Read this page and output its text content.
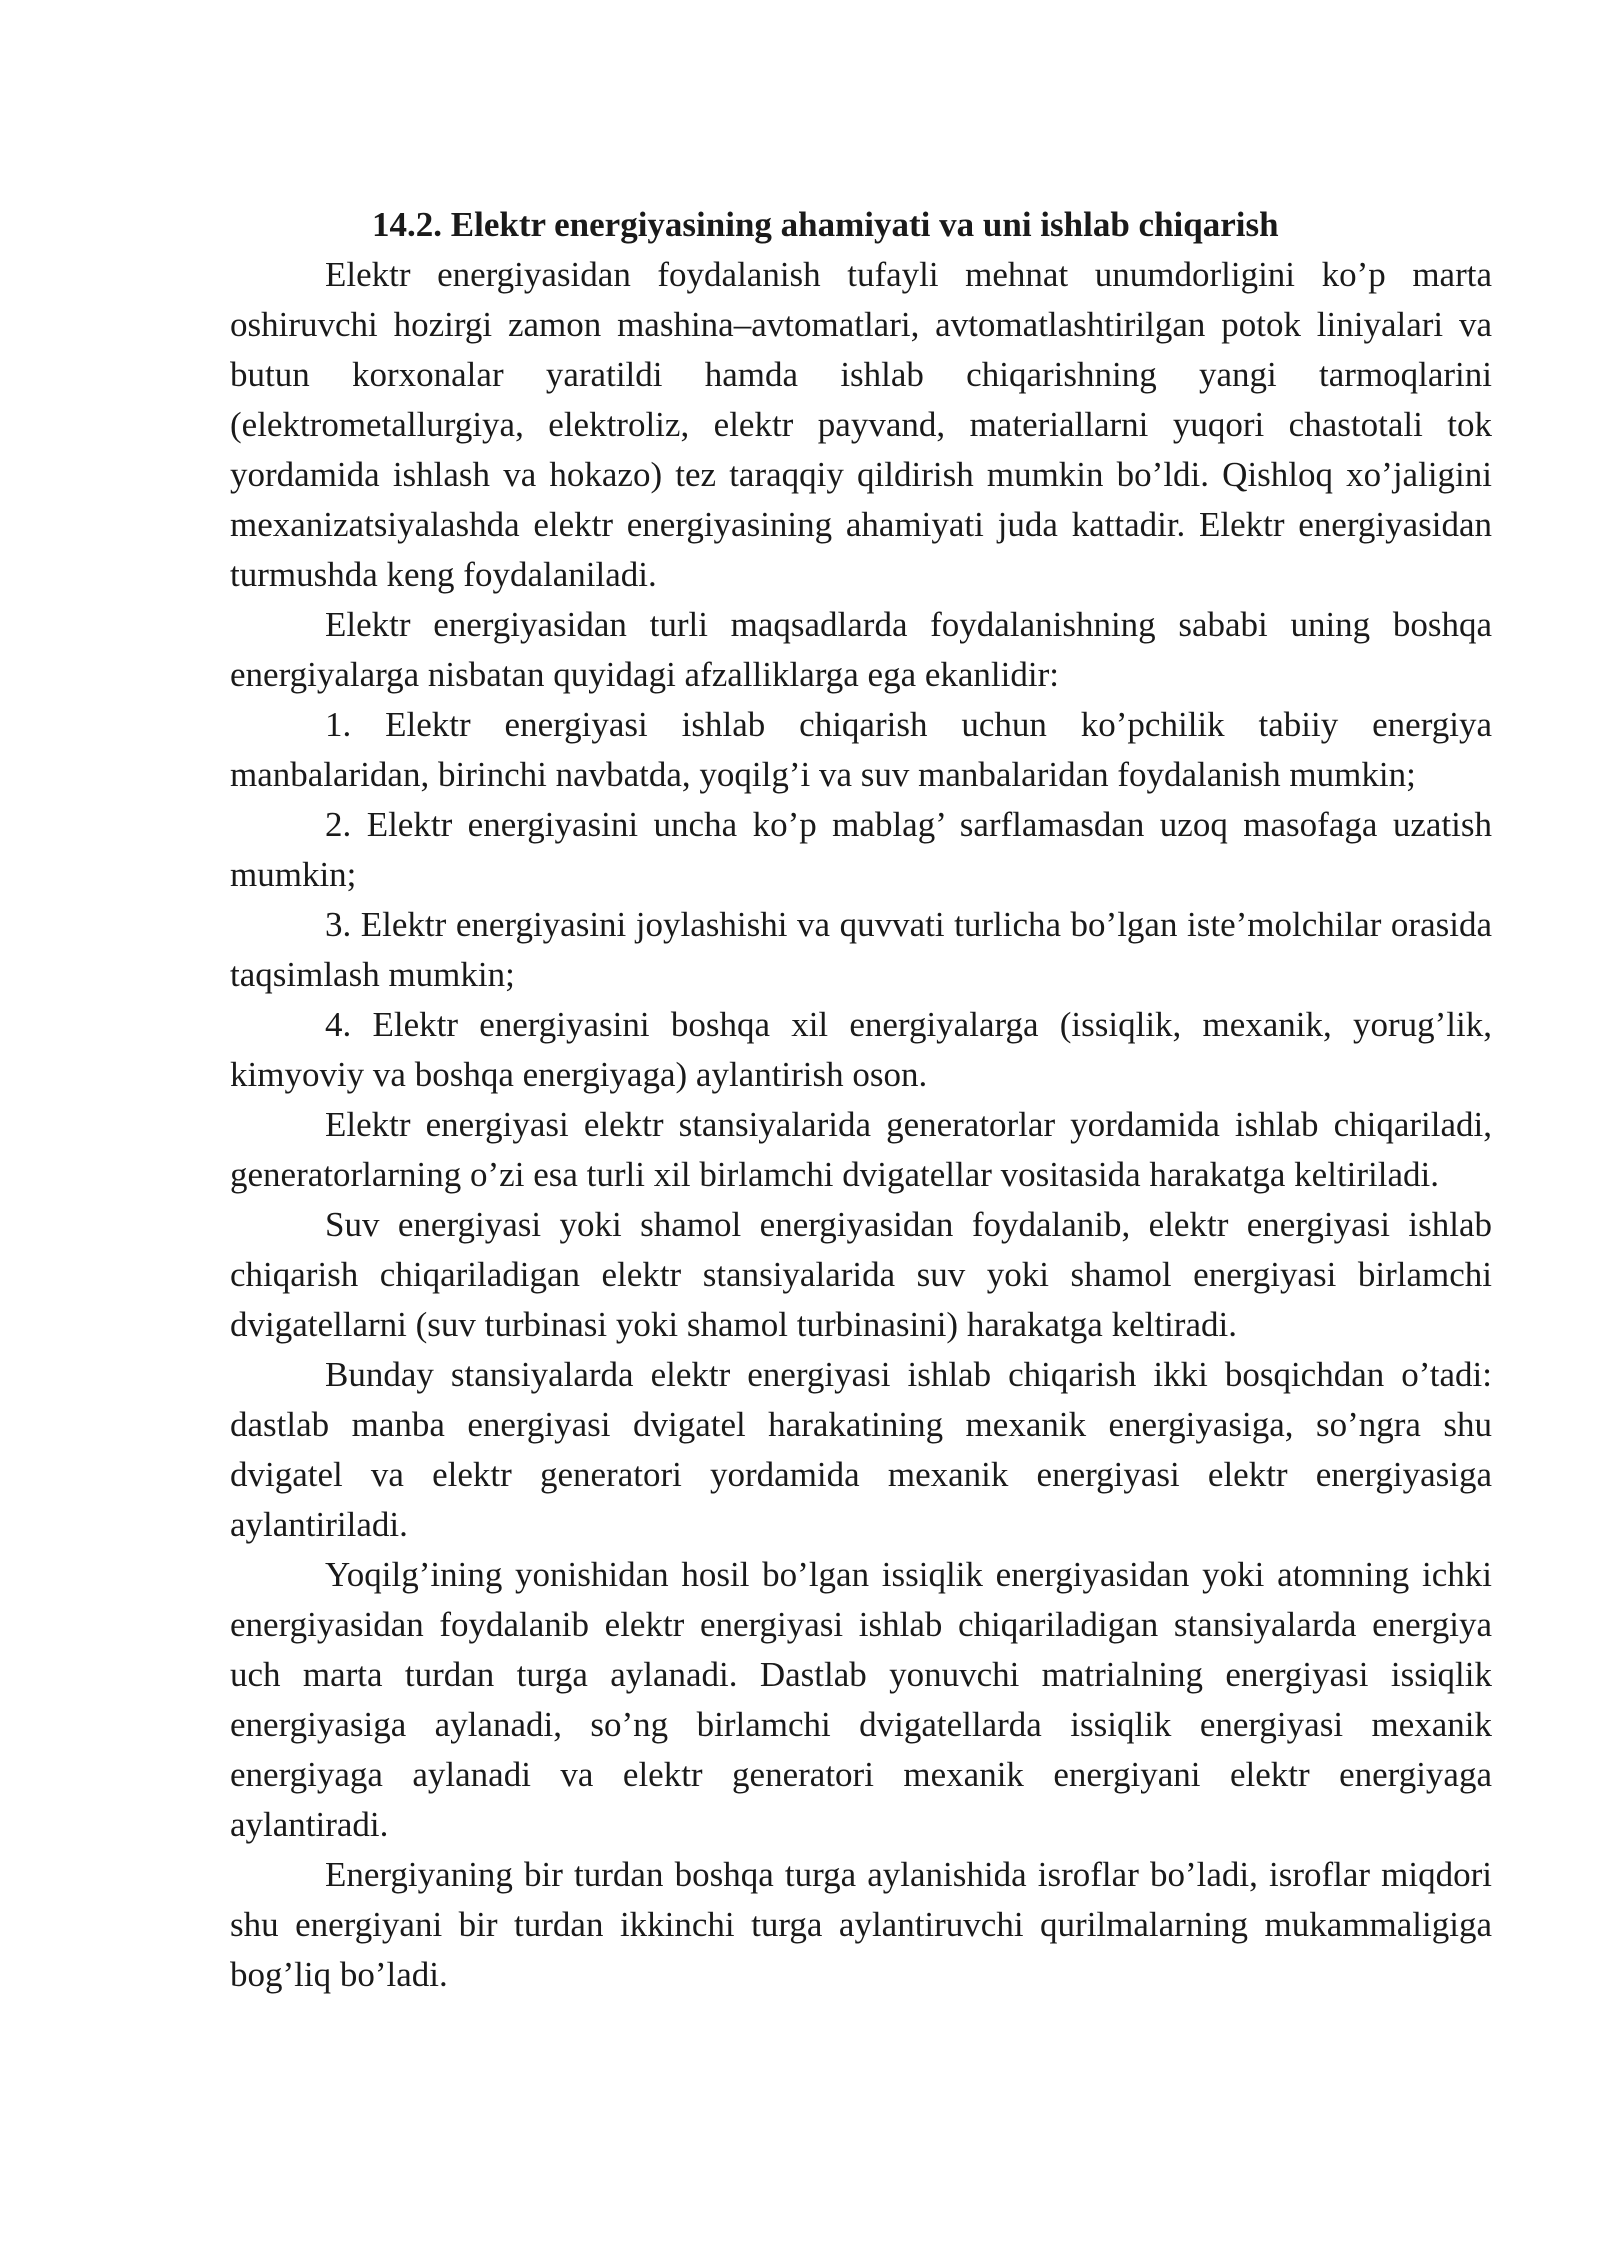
14.2. Elektr energiyasining ahamiyati va uni ishlab chiqarish

Elektr energiyasidan foydalanish tufayli mehnat unumdorligini ko’p marta oshiruvchi hozirgi zamon mashina–avtomatlari, avtomatlashtirilgan potok liniyalari va butun korxonalar yaratildi hamda ishlab chiqarishning yangi tarmoqlarini (elektrometallurgiya, elektroliz, elektr payvand, materiallarni yuqori chastotali tok yordamida ishlash va hokazo) tez taraqqiy qildirish mumkin bo’ldi. Qishloq xo’jaligini mexanizatsiyalashda elektr energiyasining ahamiyati juda kattadir. Elektr energiyasidan turmushda keng foydalaniladi.

Elektr energiyasidan turli maqsadlarda foydalanishning sababi uning boshqa energiyalarga nisbatan quyidagi afzalliklarga ega ekanlidir:

1. Elektr energiyasi ishlab chiqarish uchun ko’pchilik tabiiy energiya manbalaridan, birinchi navbatda, yoqilg’i va suv manbalaridan foydalanish mumkin;

2. Elektr energiyasini uncha ko’p mablag’ sarflamasdan uzoq masofaga uzatish mumkin;

3. Elektr energiyasini joylashishi va quvvati turlicha bo’lgan iste’molchilar orasida taqsimlash mumkin;

4. Elektr energiyasini boshqa xil energiyalarga (issiqlik, mexanik, yorug’lik, kimyoviy va boshqa energiyaga) aylantirish oson.

Elektr energiyasi elektr stansiyalarida generatorlar yordamida ishlab chiqariladi, generatorlarning o’zi esa turli xil birlamchi dvigatellar vositasida harakatga keltiriladi.

Suv energiyasi yoki shamol energiyasidan foydalanib, elektr energiyasi ishlab chiqarish chiqariladigan elektr stansiyalarida suv yoki shamol energiyasi birlamchi dvigatellarni (suv turbinasi yoki shamol turbinasini) harakatga keltiradi.

Bunday stansiyalarda elektr energiyasi ishlab chiqarish ikki bosqichdan o’tadi: dastlab manba energiyasi dvigatel harakatining mexanik energiyasiga, so’ngra shu dvigatel va elektr generatori yordamida mexanik energiyasi elektr energiyasiga aylantiriladi.

Yoqilg’ining yonishidan hosil bo’lgan issiqlik energiyasidan yoki atomning ichki energiyasidan foydalanib elektr energiyasi ishlab chiqariladigan stansiyalarda energiya uch marta turdan turga aylanadi. Dastlab yonuvchi matrialning energiyasi issiqlik energiyasiga aylanadi, so’ng birlamchi dvigatellarda issiqlik energiyasi mexanik energiyaga aylanadi va elektr generatori mexanik energiyani elektr energiyaga aylantiradi.

Energiyaning bir turdan boshqa turga aylanishida isroflar bo’ladi, isroflar miqdori shu energiyani bir turdan ikkinchi turga aylantiruvchi qurilmalarning mukammaligiga bog’liq bo’ladi.
